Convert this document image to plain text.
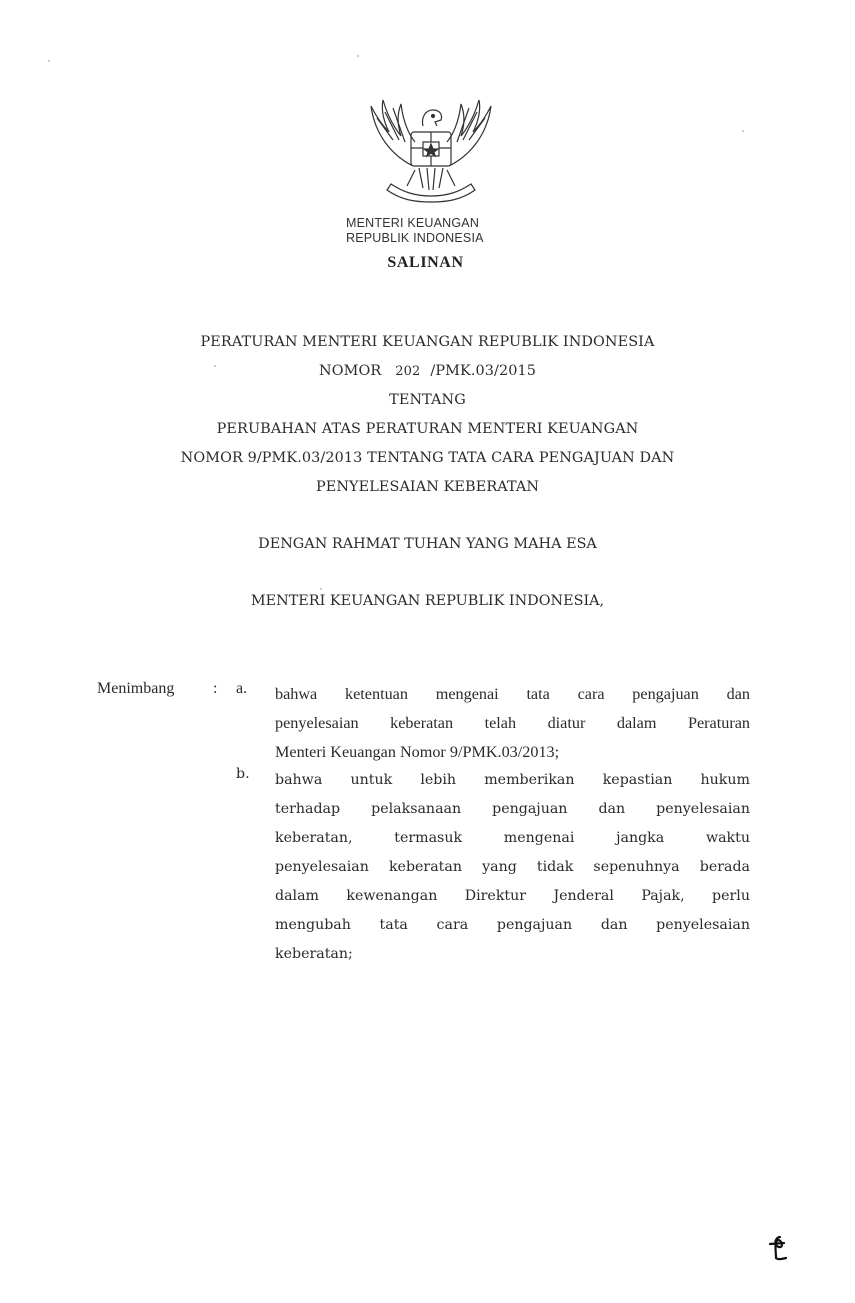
MENTERI KEUANGAN
REPUBLIK INDONESIA
SALINAN
PERATURAN MENTERI KEUANGAN REPUBLIK INDONESIA
NOMOR 202 /PMK.03/2015
TENTANG
PERUBAHAN ATAS PERATURAN MENTERI KEUANGAN
NOMOR 9/PMK.03/2013 TENTANG TATA CARA PENGAJUAN DAN
PENYELESAIAN KEBERATAN
DENGAN RAHMAT TUHAN YANG MAHA ESA
MENTERI KEUANGAN REPUBLIK INDONESIA,
Menimbang : a. bahwa ketentuan mengenai tata cara pengajuan dan
penyelesaian keberatan telah diatur dalam Peraturan
Menteri Keuangan Nomor 9/PMK.03/2013;
b. bahwa untuk lebih memberikan kepastian hukum
terhadap pelaksanaan pengajuan dan penyelesaian
keberatan, termasuk mengenai jangka waktu
penyelesaian keberatan yang tidak sepenuhnya berada
dalam kewenangan Direktur Jenderal Pajak, perlu
mengubah tata cara pengajuan dan penyelesaian
keberatan;
